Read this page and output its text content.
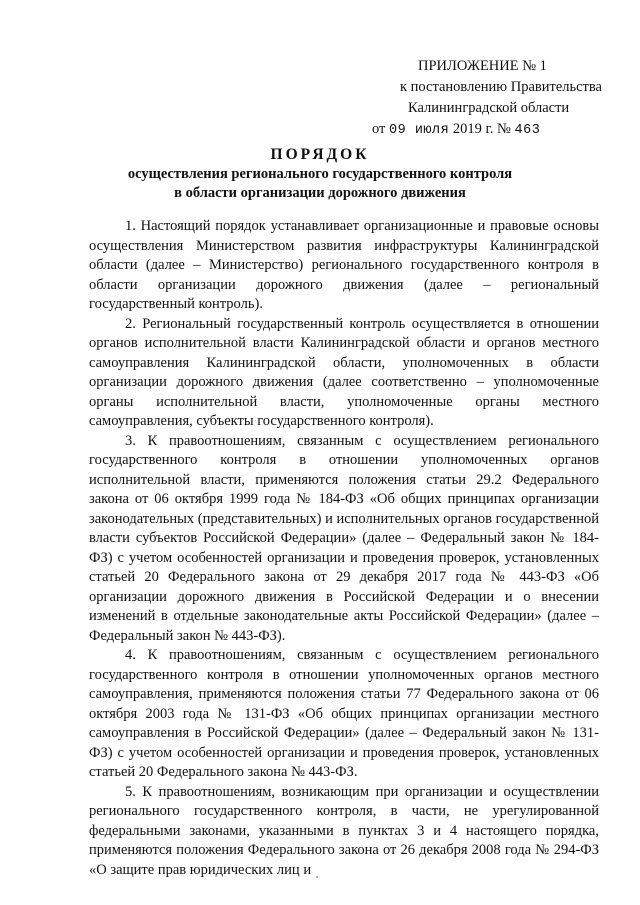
ПРИЛОЖЕНИЕ № 1
к постановлению Правительства
Калининградской области
от 09 июля 2019 г. № 463
ПОРЯДОК
осуществления регионального государственного контроля
в области организации дорожного движения

1. Настоящий порядок устанавливает организационные и правовые основы осуществления Министерством развития инфраструктуры Калининградской области (далее – Министерство) регионального государственного контроля в области организации дорожного движения (далее – региональный государственный контроль).

2. Региональный государственный контроль осуществляется в отношении органов исполнительной власти Калининградской области и органов местного самоуправления Калининградской области, уполномоченных в области организации дорожного движения (далее соответственно – уполномоченные органы исполнительной власти, уполномоченные органы местного самоуправления, субъекты государственного контроля).

3. К правоотношениям, связанным с осуществлением регионального государственного контроля в отношении уполномоченных органов исполнительной власти, применяются положения статьи 29.2 Федерального закона от 06 октября 1999 года № 184-ФЗ «Об общих принципах организации законодательных (представительных) и исполнительных органов государственной власти субъектов Российской Федерации» (далее – Федеральный закон № 184-ФЗ) с учетом особенностей организации и проведения проверок, установленных статьей 20 Федерального закона от 29 декабря 2017 года № 443-ФЗ «Об организации дорожного движения в Российской Федерации и о внесении изменений в отдельные законодательные акты Российской Федерации» (далее – Федеральный закон № 443-ФЗ).

4. К правоотношениям, связанным с осуществлением регионального государственного контроля в отношении уполномоченных органов местного самоуправления, применяются положения статьи 77 Федерального закона от 06 октября 2003 года № 131-ФЗ «Об общих принципах организации местного самоуправления в Российской Федерации» (далее – Федеральный закон № 131-ФЗ) с учетом особенностей организации и проведения проверок, установленных статьей 20 Федерального закона № 443-ФЗ.

5. К правоотношениям, возникающим при организации и осуществлении регионального государственного контроля, в части, не урегулированной федеральными законами, указанными в пунктах 3 и 4 настоящего порядка, применяются положения Федерального закона от 26 декабря 2008 года № 294-ФЗ «О защите прав юридических лиц и
